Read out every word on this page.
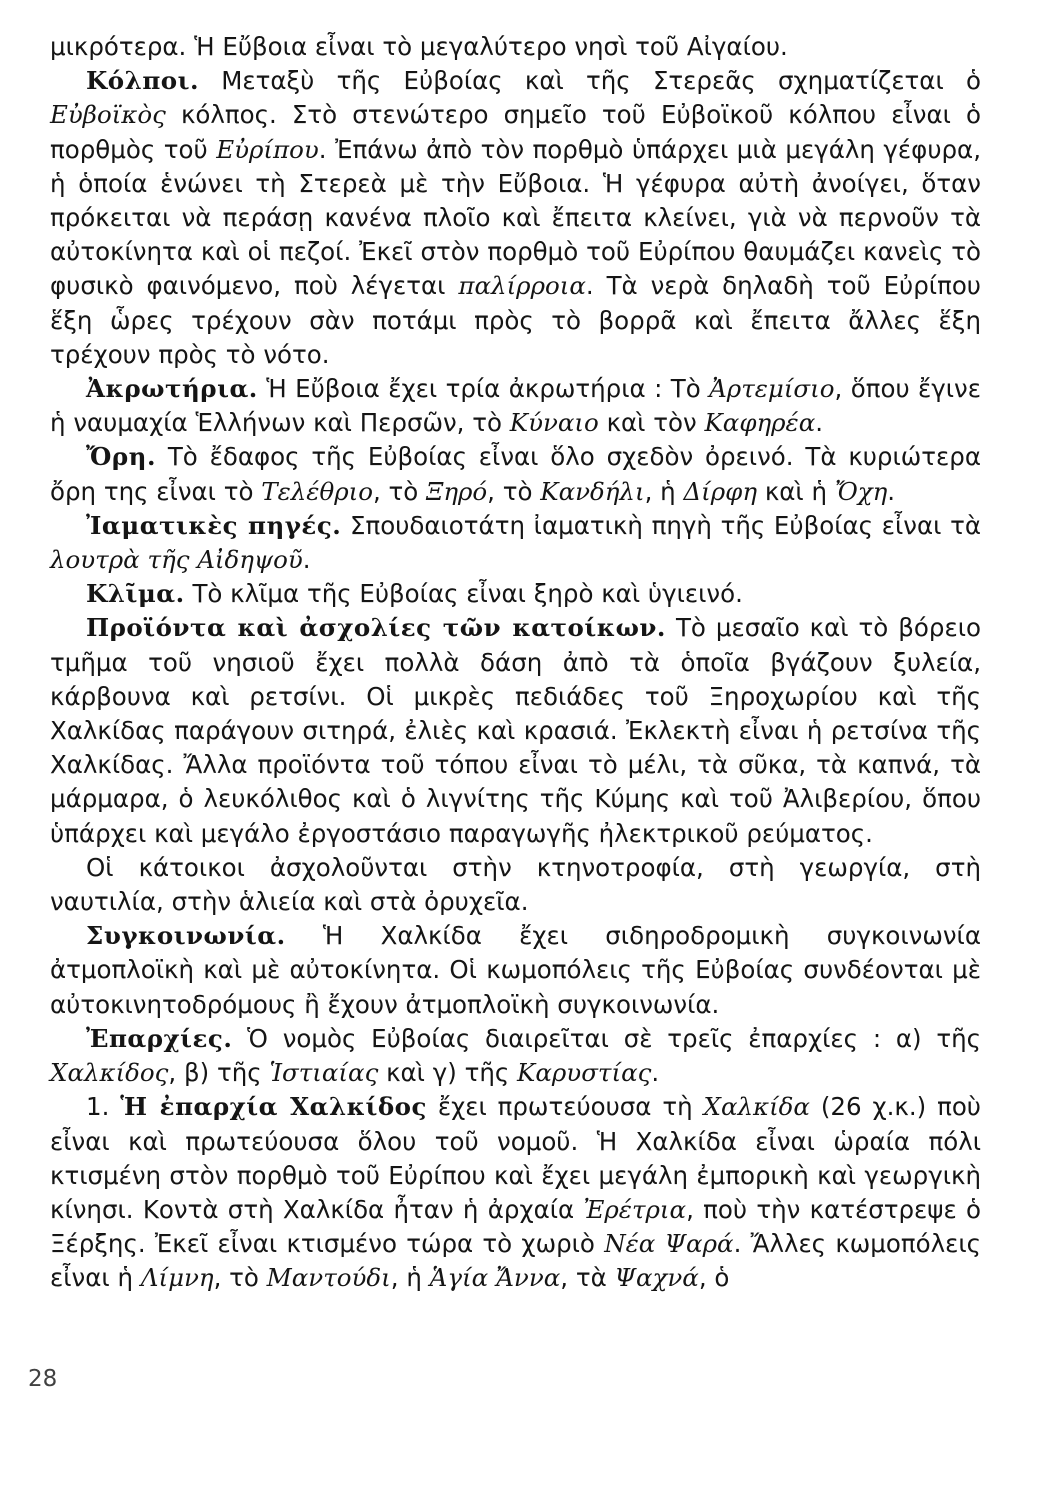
μικρότερα. Ἡ Εὔβοια εἶναι τὸ μεγαλύτερο νησὶ τοῦ Αἰγαίου.

Κόλποι. Μεταξὺ τῆς Εὐβοίας καὶ τῆς Στερεᾶς σχηματίζεται ὁ Εὐβοϊκὸς κόλπος. Στὸ στενώτερο σημεῖο τοῦ Εὐβοϊκοῦ κόλπου εἶναι ὁ πορθμὸς τοῦ Εὐρίπου. Ἐπάνω ἀπὸ τὸν πορθμὸ ὑπάρχει μιὰ μεγάλη γέφυρα, ἡ ὁποία ἑνώνει τὴ Στερεὰ μὲ τὴν Εὔβοια. Ἡ γέφυρα αὐτὴ ἀνοίγει, ὅταν πρόκειται νὰ περάσῃ κανένα πλοῖο καὶ ἔπειτα κλείνει, γιὰ νὰ περνοῦν τὰ αὐτοκίνητα καὶ οἱ πεζοί. Ἐκεῖ στὸν πορθμὸ τοῦ Εὐρίπου θαυμάζει κανεὶς τὸ φυσικὸ φαινόμενο, ποὺ λέγεται παλίρροια. Τὰ νερὰ δηλαδὴ τοῦ Εὐρίπου ἕξη ὧρες τρέχουν σὰν ποτάμι πρὸς τὸ βορρᾶ καὶ ἔπειτα ἄλλες ἕξη τρέχουν πρὸς τὸ νότο.

Ἀκρωτήρια. Ἡ Εὔβοια ἔχει τρία ἀκρωτήρια : Τὸ Ἀρτεμίσιο, ὅπου ἔγινε ἡ ναυμαχία Ἑλλήνων καὶ Περσῶν, τὸ Κύναιο καὶ τὸν Καφηρέα.

Ὄρη. Τὸ ἔδαφος τῆς Εὐβοίας εἶναι ὅλο σχεδὸν ὀρεινό. Τὰ κυριώτερα ὄρη της εἶναι τὸ Τελέθριο, τὸ Ξηρό, τὸ Κανδήλι, ἡ Δίρφη καὶ ἡ Ὄχη.

Ἰαματικὲς πηγές. Σπουδαιοτάτη ἰαματικὴ πηγὴ τῆς Εὐβοίας εἶναι τὰ λουτρὰ τῆς Αἰδηψοῦ.

Κλῖμα. Τὸ κλῖμα τῆς Εὐβοίας εἶναι ξηρὸ καὶ ὑγιεινό.

Προϊόντα καὶ ἀσχολίες τῶν κατοίκων. Τὸ μεσαῖο καὶ τὸ βόρειο τμῆμα τοῦ νησιοῦ ἔχει πολλὰ δάση ἀπὸ τὰ ὁποῖα βγάζουν ξυλεία, κάρβουνα καὶ ρετσίνι. Οἱ μικρὲς πεδιάδες τοῦ Ξηροχωρίου καὶ τῆς Χαλκίδας παράγουν σιτηρά, ἐλιὲς καὶ κρασιά. Ἐκλεκτὴ εἶναι ἡ ρετσίνα τῆς Χαλκίδας. Ἄλλα προϊόντα τοῦ τόπου εἶναι τὸ μέλι, τὰ σῦκα, τὰ καπνά, τὰ μάρμαρα, ὁ λευκόλιθος καὶ ὁ λιγνίτης τῆς Κύμης καὶ τοῦ Ἀλιβερίου, ὅπου ὑπάρχει καὶ μεγάλο ἐργοστάσιο παραγωγῆς ἠλεκτρικοῦ ρεύματος.

Οἱ κάτοικοι ἀσχολοῦνται στὴν κτηνοτροφία, στὴ γεωργία, στὴ ναυτιλία, στὴν ἁλιεία καὶ στὰ ὀρυχεῖα.

Συγκοινωνία. Ἡ Χαλκίδα ἔχει σιδηροδρομικὴ συγκοινωνία ἀτμοπλοϊκὴ καὶ μὲ αὐτοκίνητα. Οἱ κωμοπόλεις τῆς Εὐβοίας συνδέονται μὲ αὐτοκινητοδρόμους ἢ ἔχουν ἀτμοπλοϊκὴ συγκοινωνία.

Ἐπαρχίες. Ὁ νομὸς Εὐβοίας διαιρεῖται σὲ τρεῖς ἐπαρχίες : α) τῆς Χαλκίδος, β) τῆς Ἱστιαίας καὶ γ) τῆς Καρυστίας.

1. Ἡ ἐπαρχία Χαλκίδος ἔχει πρωτεύουσα τὴ Χαλκίδα (26 χ.κ.) ποὺ εἶναι καὶ πρωτεύουσα ὅλου τοῦ νομοῦ. Ἡ Χαλκίδα εἶναι ὡραία πόλι κτισμένη στὸν πορθμὸ τοῦ Εὐρίπου καὶ ἔχει μεγάλη ἐμπορικὴ καὶ γεωργικὴ κίνησι. Κοντὰ στὴ Χαλκίδα ἦταν ἡ ἀρχαία Ἐρέτρια, ποὺ τὴν κατέστρεψε ὁ Ξέρξης. Ἐκεῖ εἶναι κτισμένο τώρα τὸ χωριὸ Νέα Ψαρά. Ἄλλες κωμοπόλεις εἶναι ἡ Λίμνη, τὸ Μαντούδι, ἡ Ἁγία Ἄννα, τὰ Ψαχνά, ὁ

28
